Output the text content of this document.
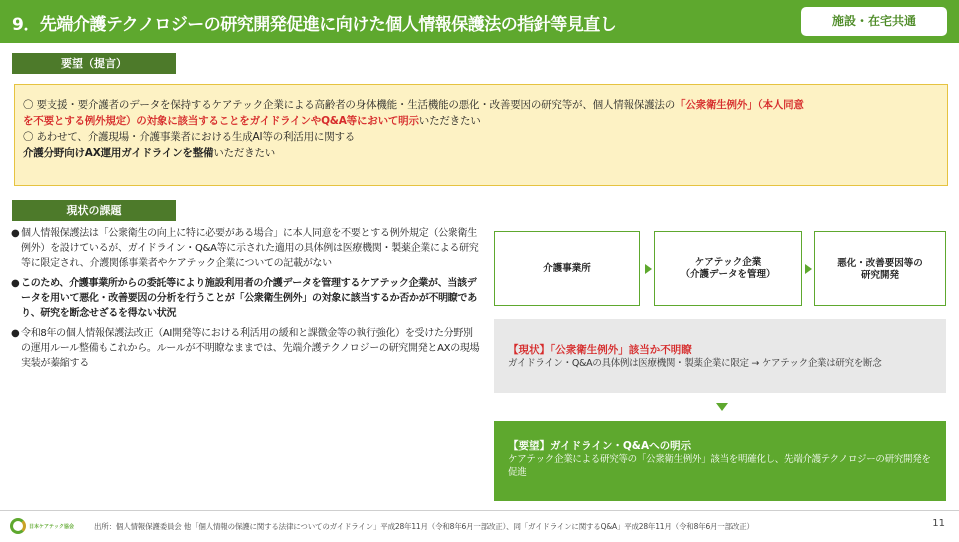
9．先端介護テクノロジーの研究開発促進に向けた個人情報保護法の指針等見直し	施設・在宅共通
要望（提言）
〇 要支援・要介護者のデータを保持するケアテック企業による高齢者の身体機能・生活機能の悪化・改善要因の研究等が、個人情報保護法の「公衆衛生例外」（本人同意
を不要とする例外規定）の対象に該当することをガイドラインやQ&A等において明示いただきたい
〇 あわせて、介護現場・介護事業者における生成AI等の利活用に関する
介護分野向けAX運用ガイドラインを整備いただきたい
現状の課題
● 個人情報保護法は「公衆衛生の向上に特に必要がある場合」に本人同意を不要とする例外規定（公衆衛生例外）を設けているが、ガイドライン・Q&A等に示された適用の具体例は医療機関・製薬企業による研究等に限定され、介護関係事業者やケアテック企業についての記載がない
● このため、介護事業所からの委託等により施設利用者の介護データを管理するケアテック企業が、当該データを用いて悪化・改善要因の分析を行うことが「公衆衛生例外」の対象に該当するか否かが不明瞭であり、研究を断念せざるを得ない状況
● 令和8年の個人情報保護法改正（AI開発等における利活用の緩和と課徴金等の執行強化）を受けた分野別の運用ルール整備もこれから。ルールが不明瞭なままでは、先端介護テクノロジーの研究開発とAXの現場実装が蓁縮する
介護事業所
ケアテック企業
（介護データを管理）
悪化・改善要因等の
研究開発
【現状】「公衆衛生例外」該当か不明瞭
ガイドライン・Q&Aの具体例は医療機関・製薬企業に限定 → ケアテック企業は研究を断念
【要望】ガイドライン・Q&Aへの明示
ケアテック企業による研究等の「公衆衛生例外」該当を明確化し、先端介護テクノロジーの研究開発を促進
日本ケアテック協会	出所：個人情報保護委員会 他「個人情報の保護に関する法律についてのガイドライン」平成28年11月（令和8年6月一部改正）、同「ガイドラインに関するQ&A」平成28年11月（令和8年6月一部改正）	11
